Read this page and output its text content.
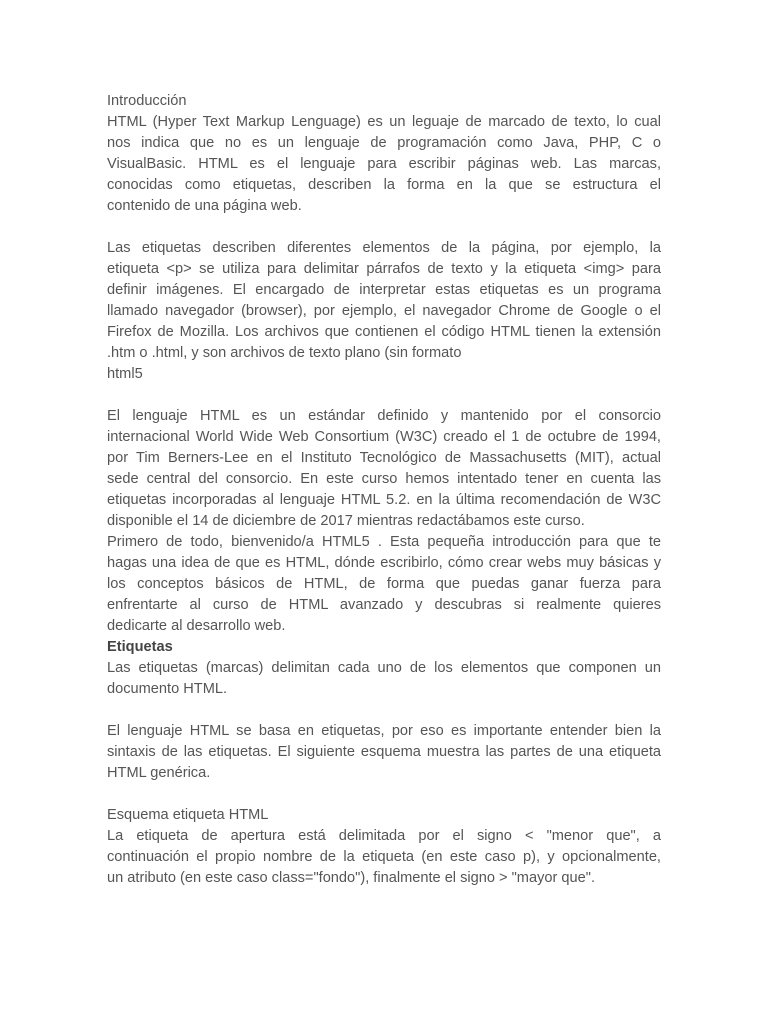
Introducción
HTML (Hyper Text Markup Lenguage) es un leguaje de marcado de texto, lo cual
nos indica que no es un lenguaje de programación como Java, PHP, C o
VisualBasic. HTML es el lenguaje para escribir páginas web. Las marcas,
conocidas como etiquetas, describen la forma en la que se estructura el
contenido de una página web.
Las etiquetas describen diferentes elementos de la página, por ejemplo, la
etiqueta <p> se utiliza para delimitar párrafos de texto y la etiqueta <img> para
definir imágenes. El encargado de interpretar estas etiquetas es un programa
llamado navegador (browser), por ejemplo, el navegador Chrome de Google o el
Firefox de Mozilla. Los archivos que contienen el código HTML tienen la extensión
.htm o .html, y son archivos de texto plano (sin formato
html5
El lenguaje HTML es un estándar definido y mantenido por el consorcio
internacional World Wide Web Consortium (W3C) creado el 1 de octubre de 1994,
por Tim Berners-Lee en el Instituto Tecnológico de Massachusetts (MIT), actual
sede central del consorcio. En este curso hemos intentado tener en cuenta las
etiquetas incorporadas al lenguaje HTML 5.2. en la última recomendación de W3C
disponible el 14 de diciembre de 2017 mientras redactábamos este curso.
Primero de todo, bienvenido/a HTML5 . Esta pequeña introducción para que te
hagas una idea de que es HTML, dónde escribirlo, cómo crear webs muy básicas y
los conceptos básicos de HTML, de forma que puedas ganar fuerza para
enfrentarte al curso de HTML avanzado y descubras si realmente quieres
dedicarte al desarrollo web.
Etiquetas
Las etiquetas (marcas) delimitan cada uno de los elementos que componen un
documento HTML.
El lenguaje HTML se basa en etiquetas, por eso es importante entender bien la
sintaxis de las etiquetas. El siguiente esquema muestra las partes de una etiqueta
HTML genérica.
Esquema etiqueta HTML
La etiqueta de apertura está delimitada por el signo < "menor que", a
continuación el propio nombre de la etiqueta (en este caso p), y opcionalmente,
un atributo (en este caso class="fondo"), finalmente el signo > "mayor que".
